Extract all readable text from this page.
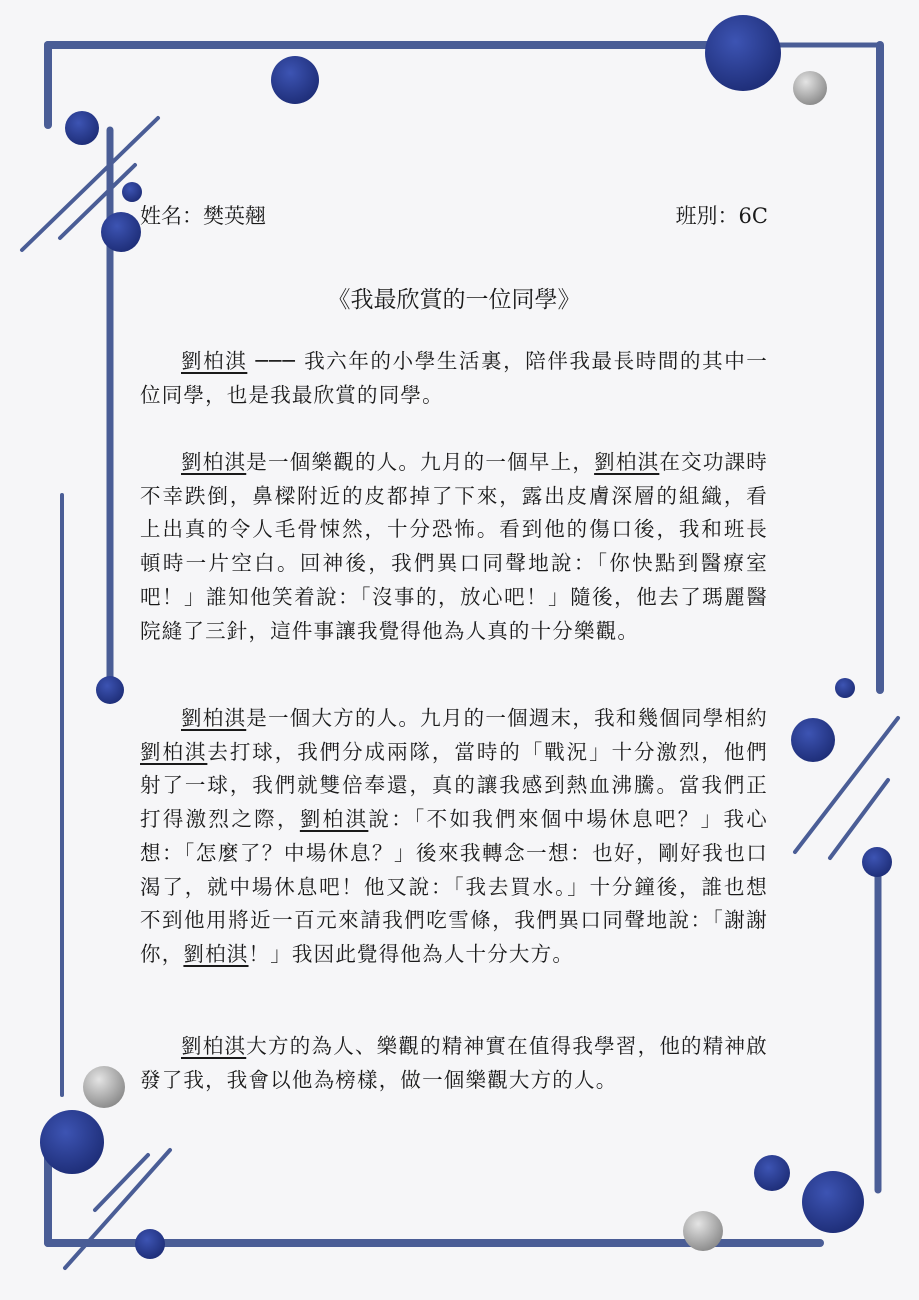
姓名：樊英翹	班別：6C
《我最欣賞的一位同學》

劉柏淇 ─── 我六年的小學生活裏，陪伴我最長時間的其中一位同學，也是我最欣賞的同學。

劉柏淇是一個樂觀的人。九月的一個早上，劉柏淇在交功課時不幸跌倒，鼻樑附近的皮都掉了下來，露出皮膚深層的組織，看上出真的令人毛骨悚然，十分恐怖。看到他的傷口後，我和班長頓時一片空白。回神後，我們異口同聲地說：「你快點到醫療室吧！」誰知他笑着說：「沒事的，放心吧！」隨後，他去了瑪麗醫院縫了三針，這件事讓我覺得他為人真的十分樂觀。

劉柏淇是一個大方的人。九月的一個週末，我和幾個同學相約劉柏淇去打球，我們分成兩隊，當時的「戰況」十分激烈，他們射了一球，我們就雙倍奉還，真的讓我感到熱血沸騰。當我們正打得激烈之際，劉柏淇說：「不如我們來個中場休息吧？」我心想：「怎麼了？中場休息？」後來我轉念一想：也好，剛好我也口渴了，就中場休息吧！他又說：「我去買水。」十分鐘後，誰也想不到他用將近一百元來請我們吃雪條，我們異口同聲地說：「謝謝你，劉柏淇！」我因此覺得他為人十分大方。

劉柏淇大方的為人、樂觀的精神實在值得我學習，他的精神啟發了我，我會以他為榜樣，做一個樂觀大方的人。
